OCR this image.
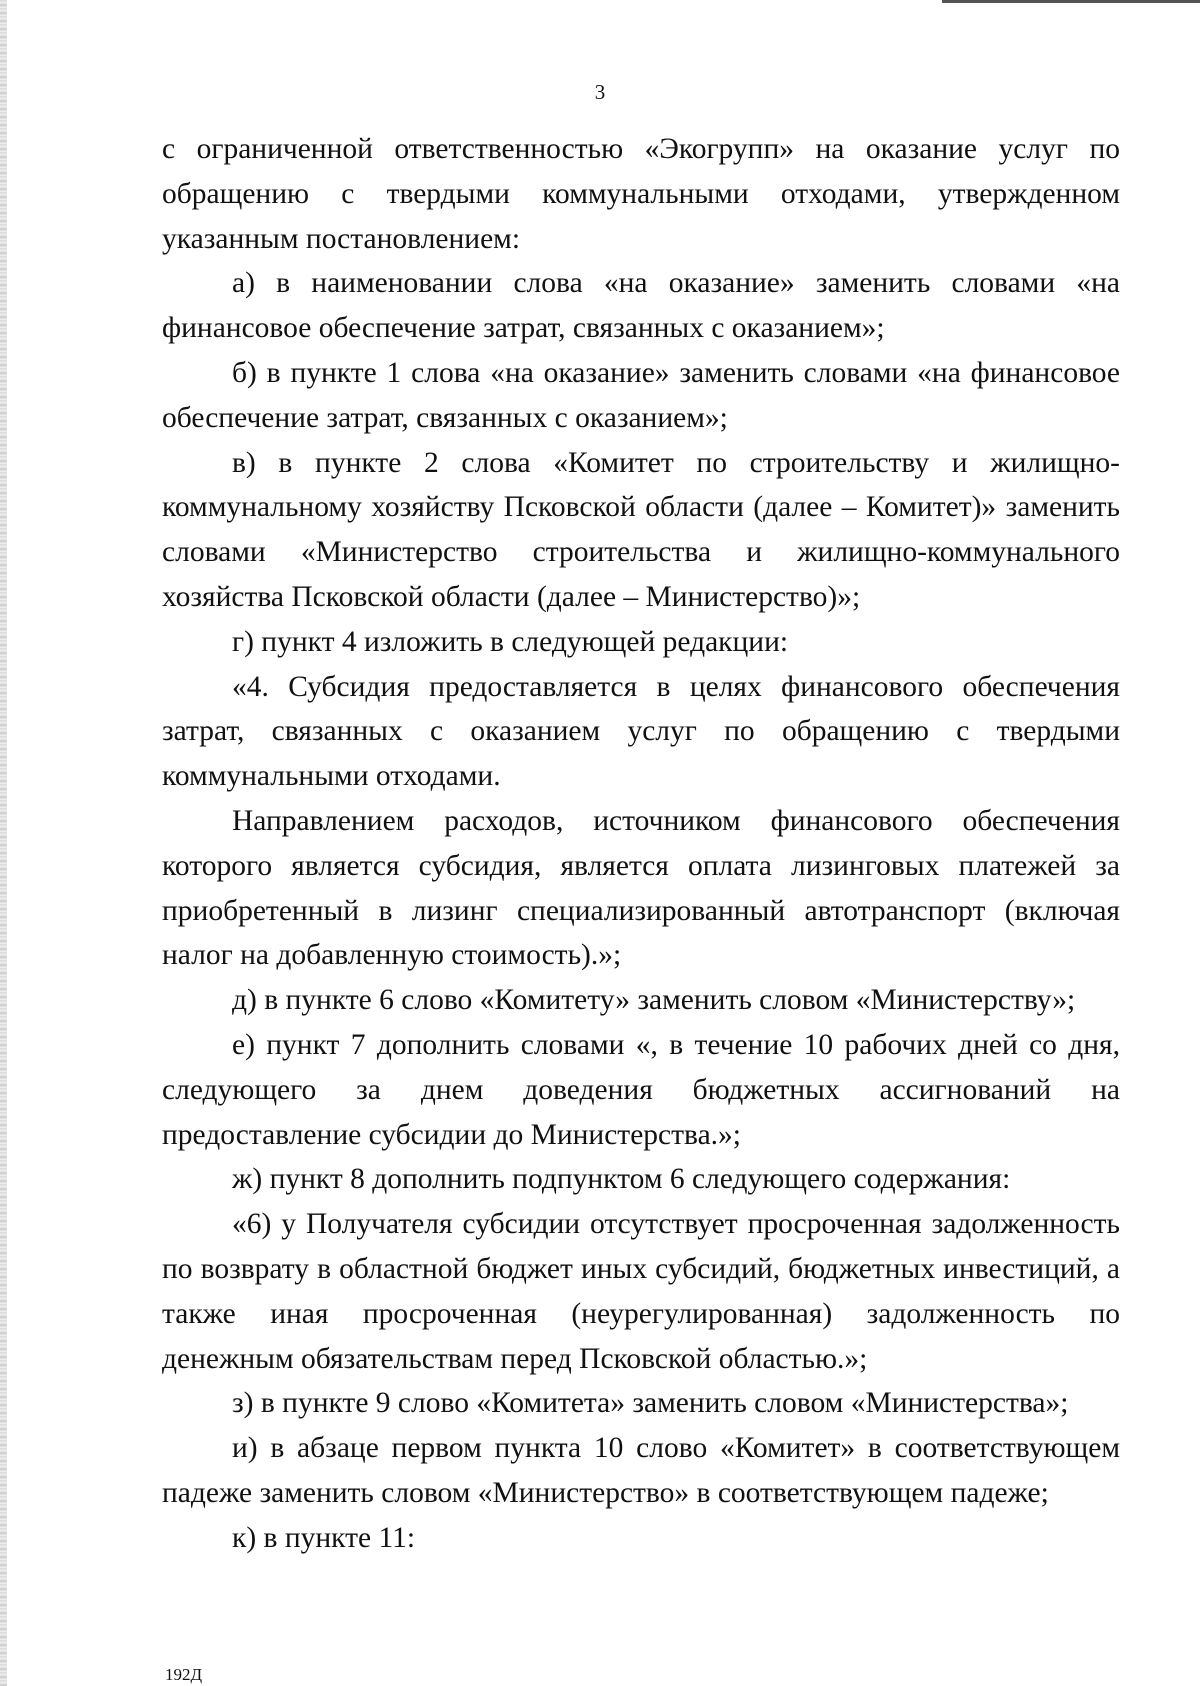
3

с ограниченной ответственностью «Экогрупп» на оказание услуг по обращению с твердыми коммунальными отходами, утвержденном указанным постановлением:

а) в наименовании слова «на оказание» заменить словами «на финансовое обеспечение затрат, связанных с оказанием»;

б) в пункте 1 слова «на оказание» заменить словами «на финансовое обеспечение затрат, связанных с оказанием»;

в) в пункте 2 слова «Комитет по строительству и жилищно-коммунальному хозяйству Псковской области (далее – Комитет)» заменить словами «Министерство строительства и жилищно-коммунального хозяйства Псковской области (далее – Министерство)»;

г) пункт 4 изложить в следующей редакции:

«4. Субсидия предоставляется в целях финансового обеспечения затрат, связанных с оказанием услуг по обращению с твердыми коммунальными отходами.

Направлением расходов, источником финансового обеспечения которого является субсидия, является оплата лизинговых платежей за приобретенный в лизинг специализированный автотранспорт (включая налог на добавленную стоимость).»;

д) в пункте 6 слово «Комитету» заменить словом «Министерству»;

е) пункт 7 дополнить словами «, в течение 10 рабочих дней со дня, следующего за днем доведения бюджетных ассигнований на предоставление субсидии до Министерства.»;

ж) пункт 8 дополнить подпунктом 6 следующего содержания:

«6) у Получателя субсидии отсутствует просроченная задолженность по возврату в областной бюджет иных субсидий, бюджетных инвестиций, а также иная просроченная (неурегулированная) задолженность по денежным обязательствам перед Псковской областью.»;

з) в пункте 9 слово «Комитета» заменить словом «Министерства»;

и) в абзаце первом пункта 10 слово «Комитет» в соответствующем падеже заменить словом «Министерство» в соответствующем падеже;

к) в пункте 11:

192Д
